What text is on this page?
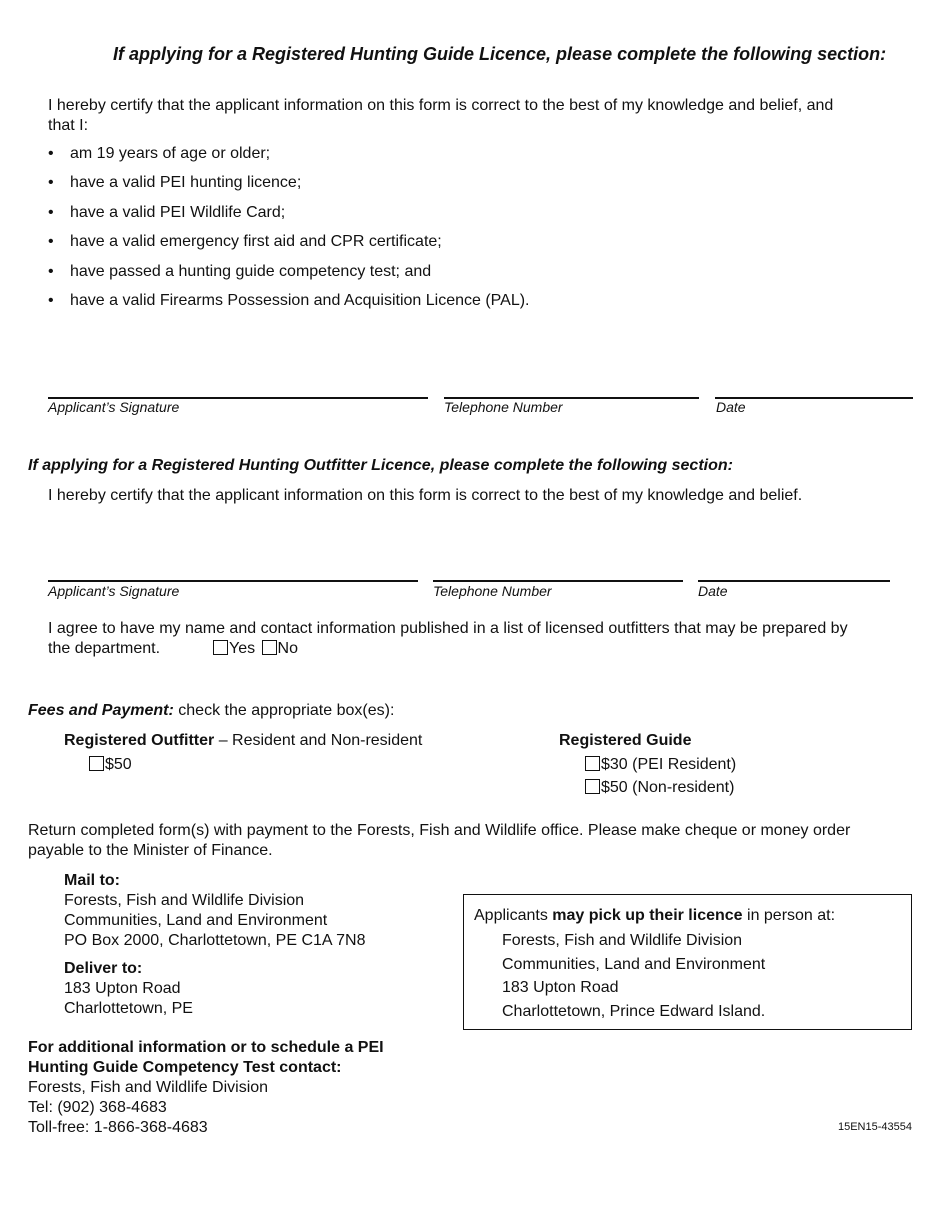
If applying for a Registered Hunting Guide Licence, please complete the following section:
I hereby certify that the applicant information on this form is correct to the best of my knowledge and belief, and
that I:
• am 19 years of age or older;
• have a valid PEI hunting licence;
• have a valid PEI Wildlife Card;
• have a valid emergency first aid and CPR certificate;
• have passed a hunting guide competency test; and
• have a valid Firearms Possession and Acquisition Licence (PAL).
Applicant’s Signature	Telephone Number	Date
If applying for a Registered Hunting Outfitter Licence, please complete the following section:
I hereby certify that the applicant information on this form is correct to the best of my knowledge and belief.
Applicant’s Signature	Telephone Number	Date
I agree to have my name and contact information published in a list of licensed outfitters that may be prepared by
the department.	Yes No
Fees and Payment: check the appropriate box(es):
Registered Outfitter – Resident and Non-resident
$50
Registered Guide
$30 (PEI Resident)
$50 (Non-resident)
Return completed form(s) with payment to the Forests, Fish and Wildlife office. Please make cheque or money order
payable to the Minister of Finance.
Mail to:
Forests, Fish and Wildlife Division
Communities, Land and Environment
PO Box 2000, Charlottetown, PE C1A 7N8
Deliver to:
183 Upton Road
Charlottetown, PE
Applicants may pick up their licence in person at:
Forests, Fish and Wildlife Division
Communities, Land and Environment
183 Upton Road
Charlottetown, Prince Edward Island.
For additional information or to schedule a PEI
Hunting Guide Competency Test contact:
Forests, Fish and Wildlife Division
Tel: (902) 368-4683
Toll-free: 1-866-368-4683	15EN15-43554
